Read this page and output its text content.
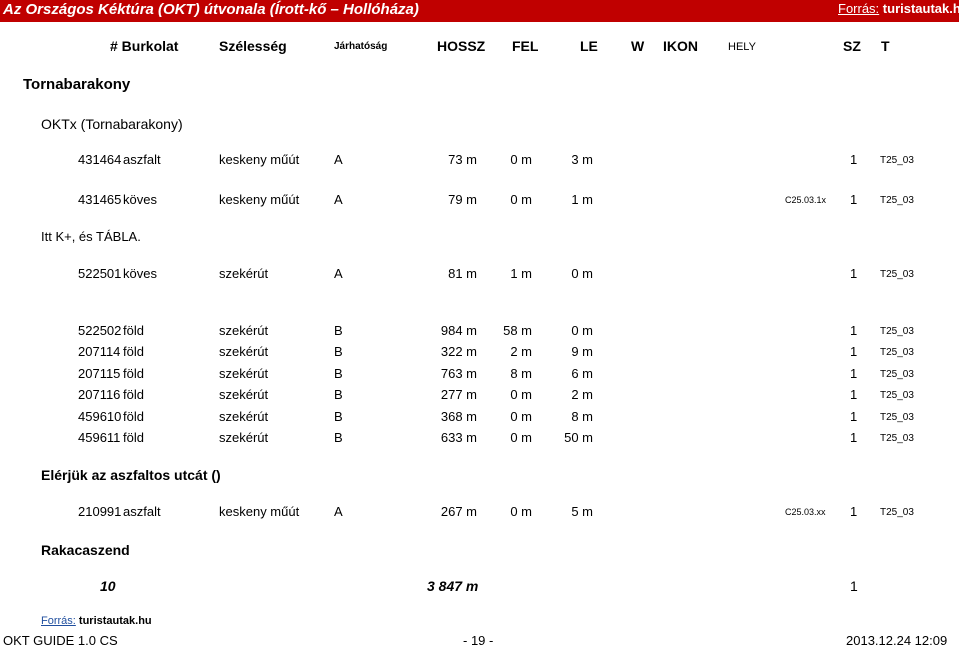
Az Országos Kéktúra (OKT) útvonala (Írott-kő – Hollóháza)	Forrás: turistautak.hu
# Burkolat	Szélesség	Járhatóság	HOSSZ FEL	LE W IKON	HELY	SZ T
Tornabarakony
OKTx (Tornabarakony)
431464 aszfalt	keskeny műút	A	73 m	0 m	3 m	1 T25_03
431465 köves	keskeny műút	A	79 m	0 m	1 m	C25.03.1x 1 T25_03
Itt K+, és TÁBLA.
522501 köves	szekérút	A	81 m	1 m	0 m	1 T25_03
522502 föld	szekérút	B	984 m 58 m	0 m	1 T25_03
207114 föld	szekérút	B	322 m	2 m	9 m	1 T25_03
207115 föld	szekérút	B	763 m	8 m	6 m	1 T25_03
207116 föld	szekérút	B	277 m	0 m	2 m	1 T25_03
459610 föld	szekérút	B	368 m	0 m	8 m	1 T25_03
459611 föld	szekérút	B	633 m	0 m 50 m	1 T25_03
Elérjük az aszfaltos utcát ()
210991 aszfalt	keskeny műút	A	267 m	0 m	5 m	C25.03.xx 1 T25_03
Rakacaszend
10	3 847 m	1
Forrás: turistautak.hu
OKT GUIDE 1.0 CS	- 19 -	2013.12.24 12:09
